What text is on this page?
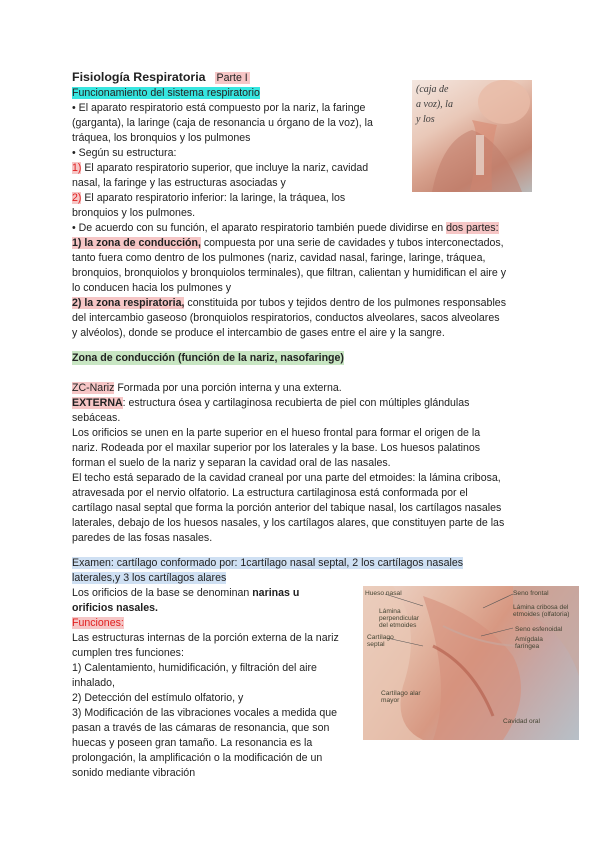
Fisiología Respiratoria Parte I
Funcionamiento del sistema respiratorio
• El aparato respiratorio está compuesto por la nariz, la faringe
(garganta), la laringe (caja de resonancia u órgano de la voz), la
tráquea, los bronquios y los pulmones
• Según su estructura:
1) El aparato respiratorio superior, que incluye la nariz, cavidad
nasal, la faringe y las estructuras asociadas y
2) El aparato respiratorio inferior: la laringe, la tráquea, los
bronquios y los pulmones.
• De acuerdo con su función, el aparato respiratorio también puede dividirse en dos partes:
1) la zona de conducción, compuesta por una serie de cavidades y tubos interconectados,
tanto fuera como dentro de los pulmones (nariz, cavidad nasal, faringe, laringe, tráquea,
bronquios, bronquiolos y bronquiolos terminales), que filtran, calientan y humidifican el aire y
lo conducen hacia los pulmones y
2) la zona respiratoria, constituida por tubos y tejidos dentro de los pulmones responsables
del intercambio gaseoso (bronquiolos respiratorios, conductos alveolares, sacos alveolares
y alvéolos), donde se produce el intercambio de gases entre el aire y la sangre.
Zona de conducción (función de la nariz, nasofaringe)
ZC-Nariz Formada por una porción interna y una externa.
EXTERNA: estructura ósea y cartilaginosa recubierta de piel con múltiples glándulas
sebáceas.
Los orificios se unen en la parte superior en el hueso frontal para formar el origen de la
nariz. Rodeada por el maxilar superior por los laterales y la base. Los huesos palatinos
forman el suelo de la nariz y separan la cavidad oral de las nasales.
El techo está separado de la cavidad craneal por una parte del etmoides: la lámina cribosa,
atravesada por el nervio olfatorio. La estructura cartilaginosa está conformada por el
cartílago nasal septal que forma la porción anterior del tabique nasal, los cartílagos nasales
laterales, debajo de los huesos nasales, y los cartílagos alares, que constituyen parte de las
paredes de las fosas nasales.
Examen: cartílago conformado por: 1cartílago nasal septal, 2 los cartílagos nasales
laterales,y 3 los cartílagos alares
Los orificios de la base se denominan narinas u
orificios nasales.
Funciones:
Las estructuras internas de la porción externa de la nariz
cumplen tres funciones:
1) Calentamiento, humidificación, y filtración del aire
inhalado,
2) Detección del estímulo olfatorio, y
3) Modificación de las vibraciones vocales a medida que
pasan a través de las cámaras de resonancia, que son
huecas y poseen gran tamaño. La resonancia es la
prolongación, la amplificación o la modificación de un
sonido mediante vibración
(caja de
a voz), la
y los
Hueso nasal	Seno frontal
Lámina perpendicular del etmoides
Lámina cribosa del etmoides (olfatoria)
Cartílago septal
Seno esfenoidal
Amígdala faríngea
Cartílago alar mayor
Cavidad oral
